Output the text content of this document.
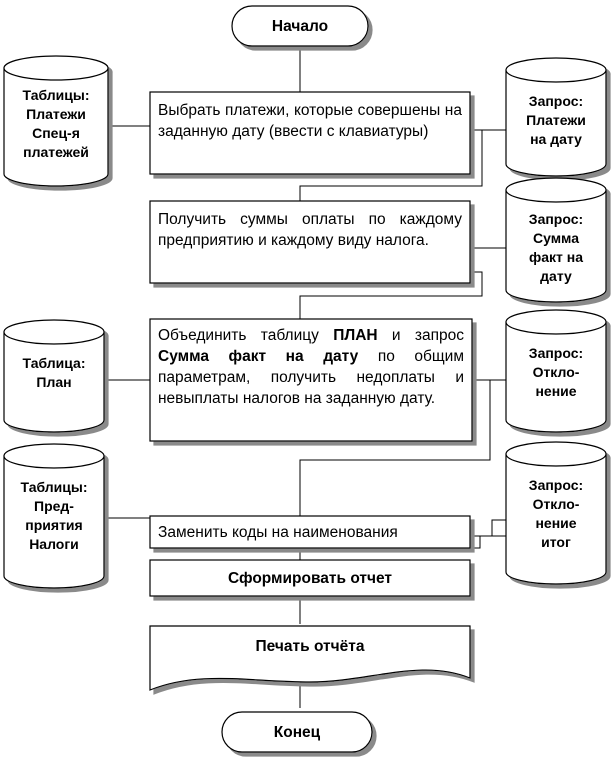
Начало
Конец
Выбрать платежи, которые совершены на заданную дату (ввести с клавиатуры)
Получить суммы оплаты по каждому предприятию и каждому виду налога.
Объединить таблицу ПЛАН и запрос Сумма факт на дату по общим параметрам, получить недоплаты и невыплаты налогов на заданную дату.
Заменить коды на наименования
Сформировать отчет
Печать отчёта
Таблицы:
Платежи
Спец-я
платежей
Таблица:
План
Таблицы:
Пред-
приятия
Налоги
Запрос:
Платежи
на дату
Запрос:
Сумма
факт на
дату
Запрос:
Откло-
нение
Запрос:
Откло-
нение
итог
